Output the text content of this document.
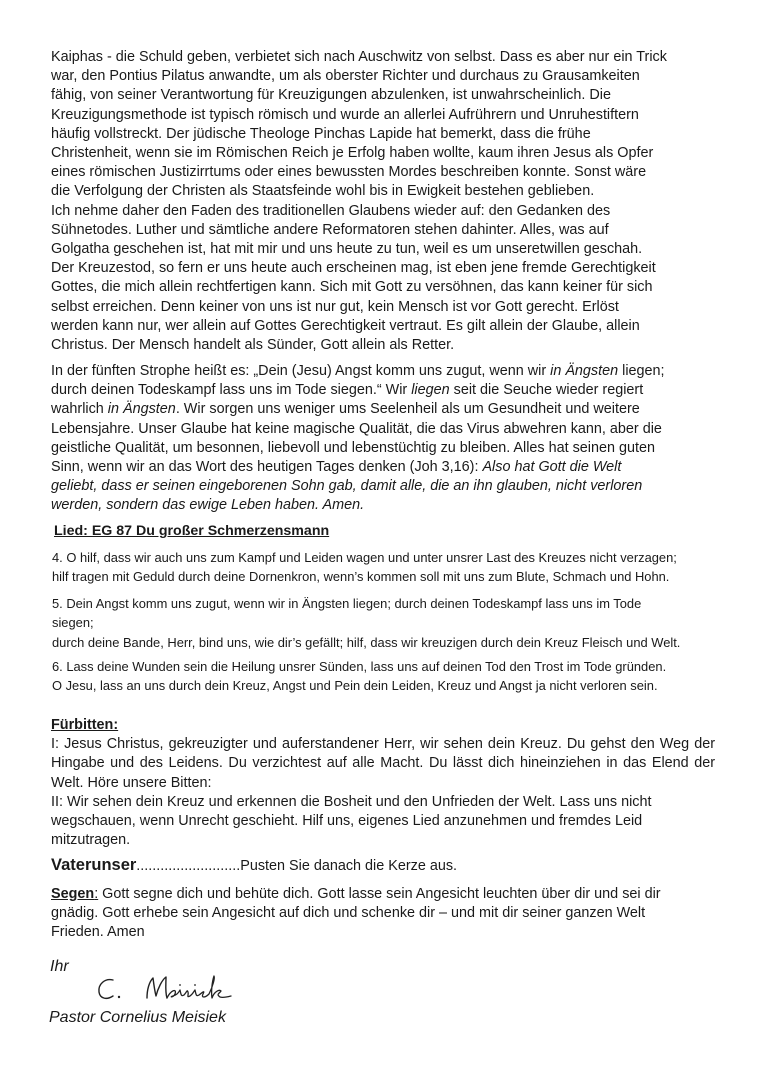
Kaiphas - die Schuld geben, verbietet sich nach Auschwitz von selbst. Dass es aber nur ein Trick

war, den Pontius Pilatus anwandte, um als oberster Richter und durchaus zu Grausamkeiten

fähig, von seiner Verantwortung für Kreuzigungen abzulenken, ist unwahrscheinlich. Die

Kreuzigungsmethode ist typisch römisch und wurde an allerlei Aufrührern und Unruhestiftern

häufig vollstreckt. Der jüdische Theologe Pinchas Lapide hat bemerkt, dass die frühe

Christenheit, wenn sie im Römischen Reich je Erfolg haben wollte, kaum ihren Jesus als Opfer

eines römischen Justizirrtums oder eines bewussten Mordes beschreiben konnte. Sonst wäre

die Verfolgung der Christen als Staatsfeinde wohl bis in Ewigkeit bestehen geblieben.

Ich nehme daher den Faden des traditionellen Glaubens wieder auf: den Gedanken des

Sühnetodes. Luther und sämtliche andere Reformatoren stehen dahinter. Alles, was auf

Golgatha geschehen ist, hat mit mir und uns heute zu tun, weil es um unseretwillen geschah.

Der Kreuzestod, so fern er uns heute auch erscheinen mag, ist eben jene fremde Gerechtigkeit

Gottes, die mich allein rechtfertigen kann. Sich mit Gott zu versöhnen, das kann keiner für sich

selbst erreichen. Denn keiner von uns ist nur gut, kein Mensch ist vor Gott gerecht. Erlöst

werden kann nur, wer allein auf Gottes Gerechtigkeit vertraut. Es gilt allein der Glaube, allein

Christus. Der Mensch handelt als Sünder, Gott allein als Retter.

In der fünften Strophe heißt es: „Dein (Jesu) Angst komm uns zugut, wenn wir in Ängsten liegen;

durch deinen Todeskampf lass uns im Tode siegen.“ Wir liegen seit die Seuche wieder regiert

wahrlich in Ängsten. Wir sorgen uns weniger ums Seelenheil als um Gesundheit und weitere

Lebensjahre. Unser Glaube hat keine magische Qualität, die das Virus abwehren kann, aber die

geistliche Qualität, um besonnen, liebevoll und lebenstüchtig zu bleiben. Alles hat seinen guten

Sinn, wenn wir an das Wort des heutigen Tages denken (Joh 3,16): Also hat Gott die Welt

geliebt, dass er seinen eingeborenen Sohn gab, damit alle, die an ihn glauben, nicht verloren

werden, sondern das ewige Leben haben. Amen.

Lied: EG 87 Du großer Schmerzensmann
4. O hilf, dass wir auch uns zum Kampf und Leiden wagen und unter unsrer Last des Kreuzes nicht verzagen;
hilf tragen mit Geduld durch deine Dornenkron, wenn’s kommen soll mit uns zum Blute, Schmach und Hohn.
5. Dein Angst komm uns zugut, wenn wir in Ängsten liegen; durch deinen Todeskampf lass uns im Tode
siegen;
durch deine Bande, Herr, bind uns, wie dir’s gefällt; hilf, dass wir kreuzigen durch dein Kreuz Fleisch und Welt.
6. Lass deine Wunden sein die Heilung unsrer Sünden, lass uns auf deinen Tod den Trost im Tode gründen.
O Jesu, lass an uns durch dein Kreuz, Angst und Pein dein Leiden, Kreuz und Angst ja nicht verloren sein.

Fürbitten:

I: Jesus Christus, gekreuzigter und auferstandener Herr, wir sehen dein Kreuz. Du gehst den Weg der Hingabe und des Leidens. Du verzichtest auf alle Macht. Du lässt dich hineinziehen in das Elend der Welt. Höre unsere Bitten:

II: Wir sehen dein Kreuz und erkennen die Bosheit und den Unfrieden der Welt. Lass uns nicht

wegschauen, wenn Unrecht geschieht. Hilf uns, eigenes Lied anzunehmen und fremdes Leid

mitzutragen.

Vaterunser..........................Pusten Sie danach die Kerze aus.

Segen: Gott segne dich und behüte dich. Gott lasse sein Angesicht leuchten über dir und sei dir

gnädig. Gott erhebe sein Angesicht auf dich und schenke dir – und mit dir seiner ganzen Welt

Frieden. Amen

Ihr
Pastor Cornelius Meisiek
